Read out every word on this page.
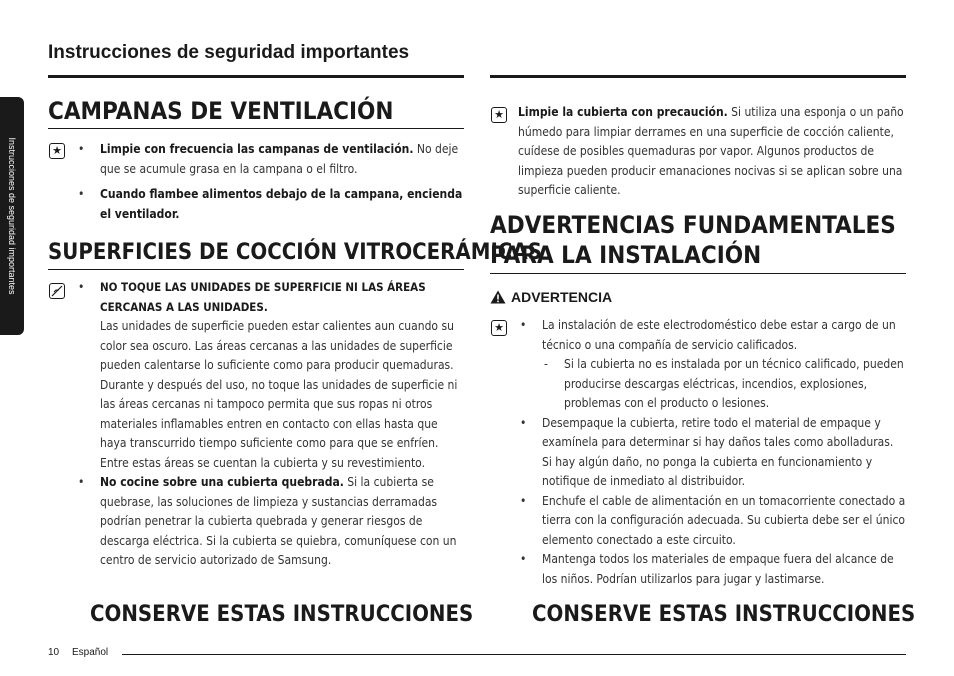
Instrucciones de seguridad importantes
Instrucciones de seguridad importantes
CAMPANAS DE VENTILACIÓN
★ • Limpie con frecuencia las campanas de ventilación. No deje que se acumule grasa en la campana o el filtro.
• Cuando flambee alimentos debajo de la campana, encienda el ventilador.
SUPERFICIES DE COCCIÓN VITROCERÁMICAS
• NO TOQUE LAS UNIDADES DE SUPERFICIE NI LAS ÁREAS CERCANAS A LAS UNIDADES.
Las unidades de superficie pueden estar calientes aun cuando su color sea oscuro. Las áreas cercanas a las unidades de superficie pueden calentarse lo suficiente como para producir quemaduras. Durante y después del uso, no toque las unidades de superficie ni las áreas cercanas ni tampoco permita que sus ropas ni otros materiales inflamables entren en contacto con ellas hasta que haya transcurrido tiempo suficiente como para que se enfríen.
Entre estas áreas se cuentan la cubierta y su revestimiento.
• No cocine sobre una cubierta quebrada. Si la cubierta se quebrase, las soluciones de limpieza y sustancias derramadas podrían penetrar la cubierta quebrada y generar riesgos de descarga eléctrica. Si la cubierta se quiebra, comuníquese con un centro de servicio autorizado de Samsung.
CONSERVE ESTAS INSTRUCCIONES
★ Limpie la cubierta con precaución. Si utiliza una esponja o un paño húmedo para limpiar derrames en una superficie de cocción caliente, cuídese de posibles quemaduras por vapor. Algunos productos de limpieza pueden producir emanaciones nocivas si se aplican sobre una superficie caliente.
ADVERTENCIAS FUNDAMENTALES PARA LA INSTALACIÓN
ADVERTENCIA
★ • La instalación de este electrodoméstico debe estar a cargo de un técnico o una compañía de servicio calificados.
- Si la cubierta no es instalada por un técnico calificado, pueden producirse descargas eléctricas, incendios, explosiones, problemas con el producto o lesiones.
• Desempaque la cubierta, retire todo el material de empaque y examínela para determinar si hay daños tales como abolladuras. Si hay algún daño, no ponga la cubierta en funcionamiento y notifique de inmediato al distribuidor.
• Enchufe el cable de alimentación en un tomacorriente conectado a tierra con la configuración adecuada. Su cubierta debe ser el único elemento conectado a este circuito.
• Mantenga todos los materiales de empaque fuera del alcance de los niños. Podrían utilizarlos para jugar y lastimarse.
CONSERVE ESTAS INSTRUCCIONES
10 Español
